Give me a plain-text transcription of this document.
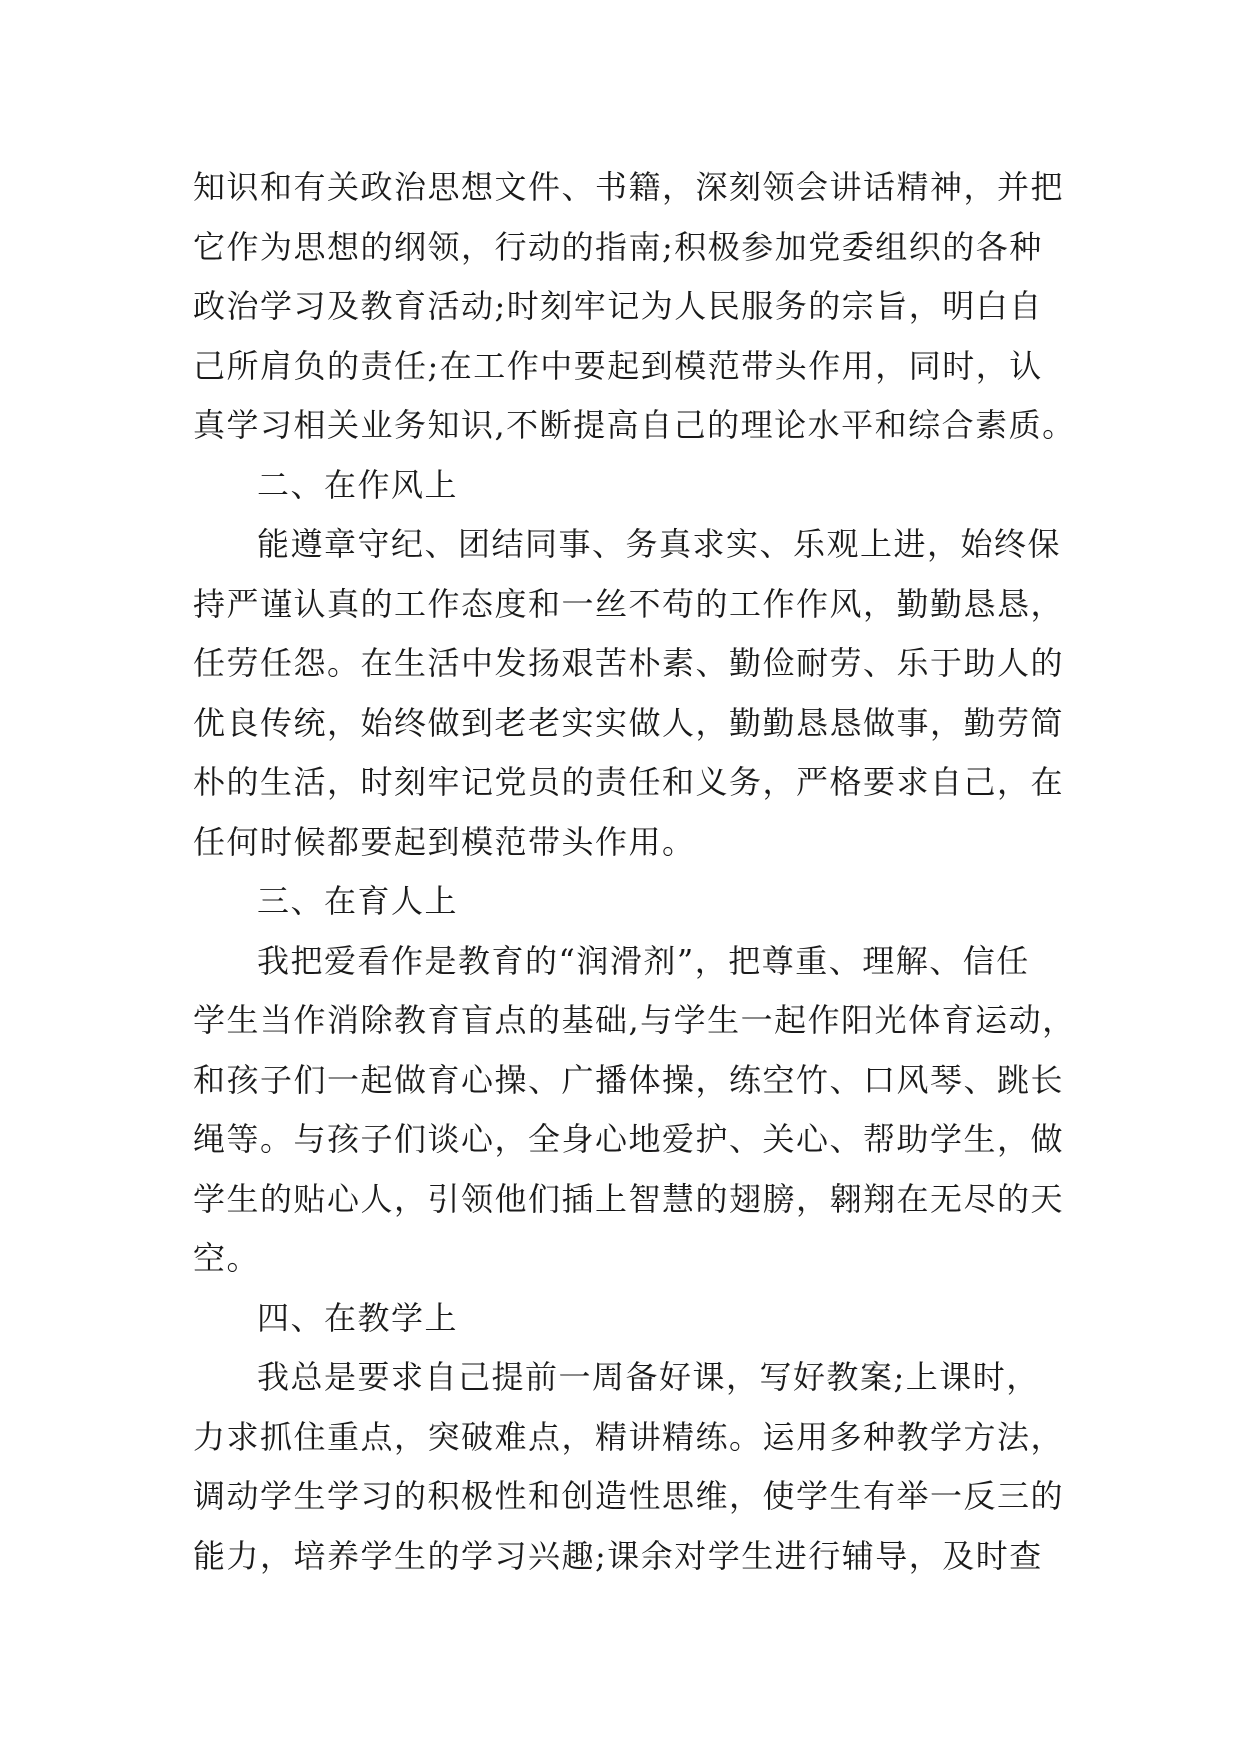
知识和有关政治思想文件、书籍，深刻领会讲话精神，并把
它作为思想的纲领，行动的指南;积极参加党委组织的各种
政治学习及教育活动;时刻牢记为人民服务的宗旨，明白自
己所肩负的责任;在工作中要起到模范带头作用，同时，认
真学习相关业务知识,不断提高自己的理论水平和综合素质。
二、在作风上
能遵章守纪、团结同事、务真求实、乐观上进，始终保
持严谨认真的工作态度和一丝不苟的工作作风，勤勤恳恳，
任劳任怨。在生活中发扬艰苦朴素、勤俭耐劳、乐于助人的
优良传统，始终做到老老实实做人，勤勤恳恳做事，勤劳简
朴的生活，时刻牢记党员的责任和义务，严格要求自己，在
任何时候都要起到模范带头作用。
三、在育人上
我把爱看作是教育的“润滑剂”，把尊重、理解、信任
学生当作消除教育盲点的基础,与学生一起作阳光体育运动，
和孩子们一起做育心操、广播体操，练空竹、口风琴、跳长
绳等。与孩子们谈心，全身心地爱护、关心、帮助学生，做
学生的贴心人，引领他们插上智慧的翅膀，翱翔在无尽的天
空。
四、在教学上
我总是要求自己提前一周备好课，写好教案;上课时，
力求抓住重点，突破难点，精讲精练。运用多种教学方法，
调动学生学习的积极性和创造性思维，使学生有举一反三的
能力，培养学生的学习兴趣;课余对学生进行辅导，及时查
